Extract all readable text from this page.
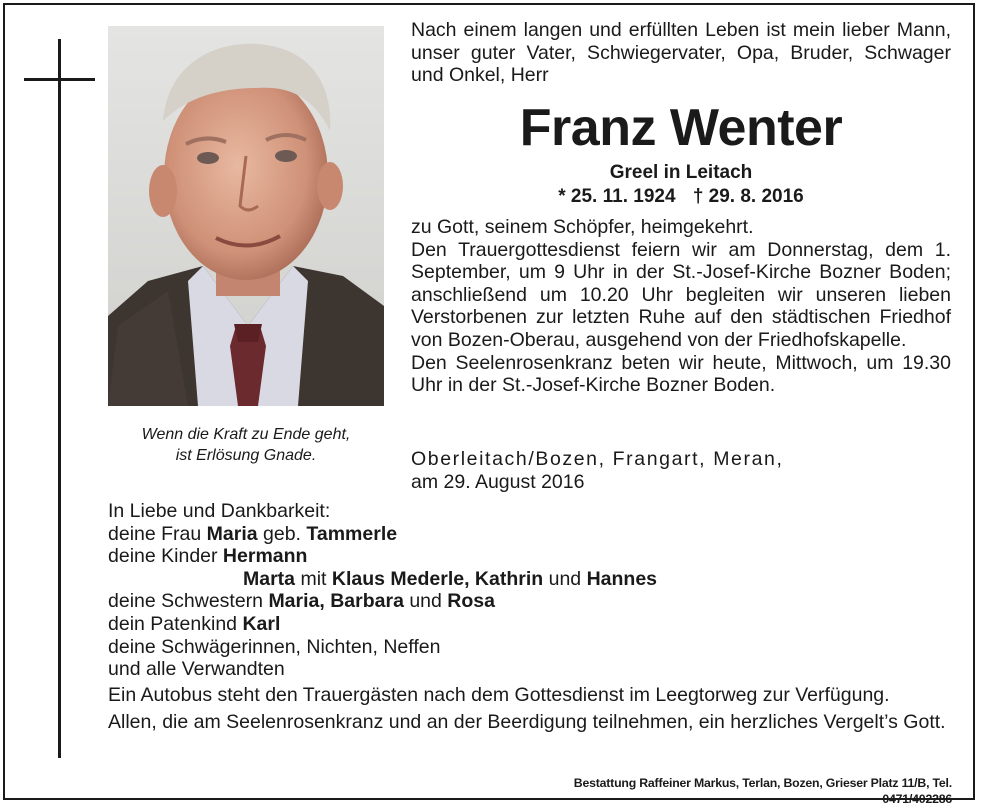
Wenn die Kraft zu Ende geht,
ist Erlösung Gnade.
Nach einem langen und erfüllten Leben ist mein lieber Mann, unser guter Vater, Schwiegervater, Opa, Bruder, Schwager und Onkel, Herr
Franz Wenter
Greel in Leitach
* 25. 11. 1924 † 29. 8. 2016

zu Gott, seinem Schöpfer, heimgekehrt.

Den Trauergottesdienst feiern wir am Donnerstag, dem 1. September, um 9 Uhr in der St.-Josef-Kirche Bozner Boden; anschließend um 10.20 Uhr begleiten wir unseren lieben Verstorbenen zur letzten Ruhe auf den städtischen Friedhof von Bozen-Oberau, ausgehend von der Friedhofskapelle.

Den Seelenrosenkranz beten wir heute, Mittwoch, um 19.30 Uhr in der St.-Josef-Kirche Bozner Boden.

Oberleitach/Bozen, Frangart, Meran,
am 29. August 2016
In Liebe und Dankbarkeit:
deine Frau Maria geb. Tammerle
deine Kinder Hermann
Marta mit Klaus Mederle, Kathrin und Hannes
deine Schwestern Maria, Barbara und Rosa
dein Patenkind Karl
deine Schwägerinnen, Nichten, Neffen
und alle Verwandten

Ein Autobus steht den Trauergästen nach dem Gottesdienst im Leegtorweg zur Verfügung.

Allen, die am Seelenrosenkranz und an der Beerdigung teilnehmen, ein herzliches Vergelt’s Gott.

Bestattung Raffeiner Markus, Terlan, Bozen, Grieser Platz 11/B, Tel. 0471/402286
